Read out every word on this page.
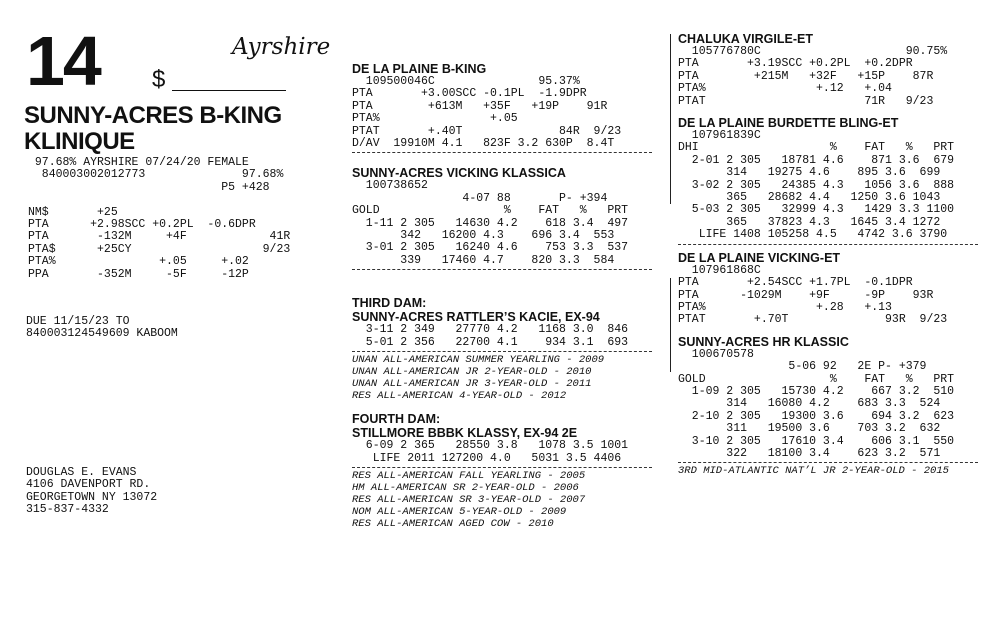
14 $
Ayrshire
SUNNY-ACRES B-KING
KLINIQUE
97.68% AYRSHIRE 07/24/20 FEMALE
840003002012773              97.68%
P5 +428

NM$       +25
PTA      +2.98SCC +0.2PL  -0.6DPR
PTA       -132M     +4F            41R
PTA$      +25CY                   9/23
PTA%               +.05     +.02
PPA       -352M     -5F     -12P
DUE 11/15/23 TO
840003124549609 KABOOM
DOUGLAS E. EVANS
4106 DAVENPORT RD.
GEORGETOWN NY 13072
315-837-4332
DE LA PLAINE B-KING
109500046C               95.37%
PTA       +3.00SCC -0.1PL  -1.9DPR
PTA        +613M   +35F   +19P    91R
PTA%                +.05
PTAT       +.40T              84R  9/23
D/AV  19910M 4.1   823F 3.2 630P  8.4T
SUNNY-ACRES VICKING KLASSICA
100738652
4-07 88       P- +394
GOLD                  %    FAT   %   PRT
1-11 2 305   14630 4.2    618 3.4  497
342   16200 4.3    696 3.4  553
3-01 2 305   16240 4.6    753 3.3  537
339   17460 4.7    820 3.3  584
THIRD DAM:
SUNNY-ACRES RATTLER’S KACIE, EX-94
3-11 2 349   27770 4.2   1168 3.0  846
5-01 2 356   22700 4.1    934 3.1  693
UNAN ALL-AMERICAN SUMMER YEARLING - 2009
UNAN ALL-AMERICAN JR 2-YEAR-OLD - 2010
UNAN ALL-AMERICAN JR 3-YEAR-OLD - 2011
RES ALL-AMERICAN 4-YEAR-OLD - 2012
FOURTH DAM:
STILLMORE BBBK KLASSY, EX-94 2E
6-09 2 365   28550 3.8   1078 3.5 1001
LIFE 2011 127200 4.0   5031 3.5 4406
RES ALL-AMERICAN FALL YEARLING - 2005
HM ALL-AMERICAN SR 2-YEAR-OLD - 2006
RES ALL-AMERICAN SR 3-YEAR-OLD - 2007
NOM ALL-AMERICAN 5-YEAR-OLD - 2009
RES ALL-AMERICAN AGED COW - 2010
CHALUKA VIRGILE-ET
105776780C                     90.75%
PTA       +3.19SCC +0.2PL  +0.2DPR
PTA        +215M   +32F   +15P    87R
PTA%                +.12   +.04
PTAT                       71R   9/23
DE LA PLAINE BURDETTE BLING-ET
107961839C
DHI                   %    FAT   %   PRT
2-01 2 305   18781 4.6    871 3.6  679
314   19275 4.6    895 3.6  699
3-02 2 305   24385 4.3   1056 3.6  888
365   28682 4.4   1250 3.6 1043
5-03 2 305   32999 4.3   1429 3.3 1100
365   37823 4.3   1645 3.4 1272
LIFE 1408 105258 4.5   4742 3.6 3790
DE LA PLAINE VICKING-ET
107961868C
PTA       +2.54SCC +1.7PL  -0.1DPR
PTA      -1029M    +9F     -9P    93R
PTA%                +.28   +.13
PTAT       +.70T              93R  9/23
SUNNY-ACRES HR KLASSIC
100670578
5-06 92   2E P- +379
GOLD                  %    FAT   %   PRT
1-09 2 305   15730 4.2    667 3.2  510
314   16080 4.2    683 3.3  524
2-10 2 305   19300 3.6    694 3.2  623
311   19500 3.6    703 3.2  632
3-10 2 305   17610 3.4    606 3.1  550
322   18100 3.4    623 3.2  571
3RD MID-ATLANTIC NAT’L JR 2-YEAR-OLD - 2015
